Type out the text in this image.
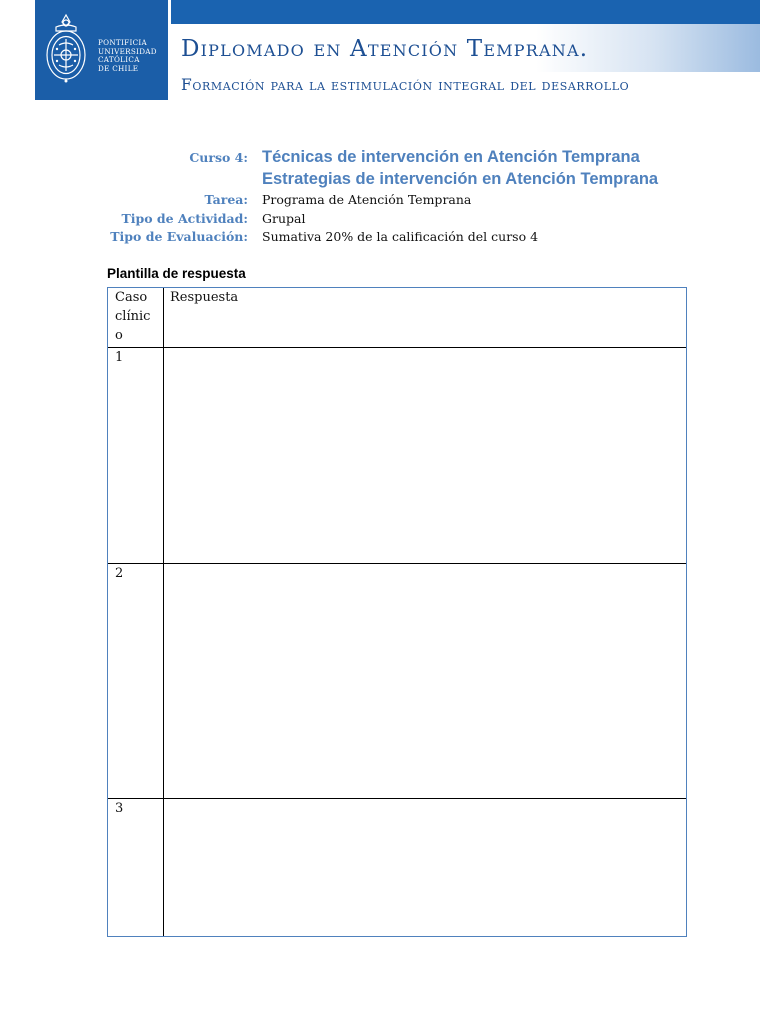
PONTIFICIA
UNIVERSIDAD
CATÓLICA
DE CHILE
Diplomado en Atención Temprana.
Formación para la estimulación integral del desarrollo
Curso 4: Técnicas de intervención en Atención Temprana
Estrategias de intervención en Atención Temprana
Tarea: Programa de Atención Temprana
Tipo de Actividad: Grupal
Tipo de Evaluación: Sumativa 20% de la calificación del curso 4
Plantilla de respuesta
Caso
clínic
o
Respuesta
1
2
3
